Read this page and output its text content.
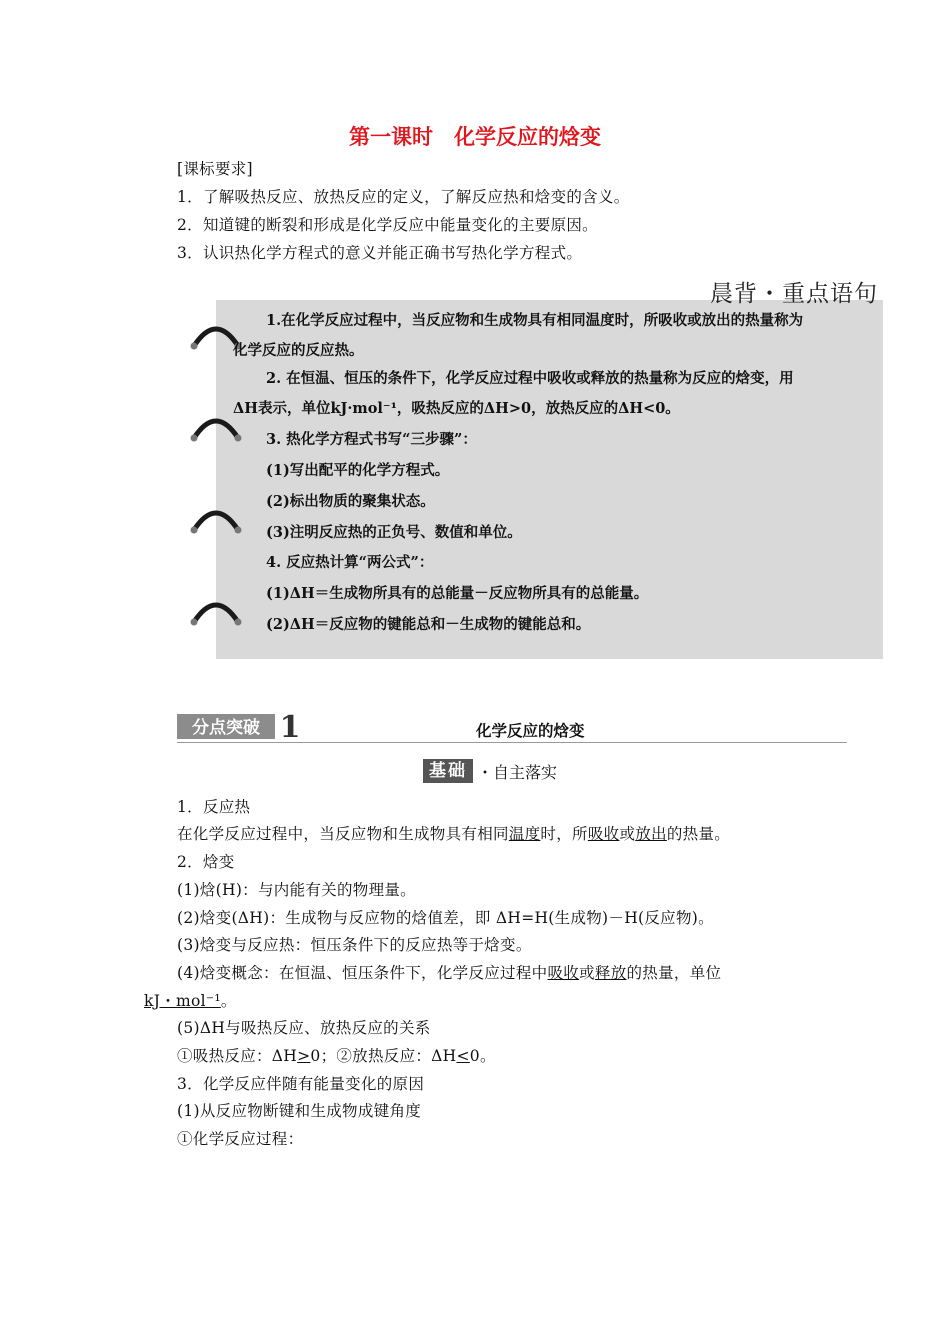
第一课时　化学反应的焓变
[课标要求]
1．了解吸热反应、放热反应的定义，了解反应热和焓变的含义。
2．知道键的断裂和形成是化学反应中能量变化的主要原因。
3．认识热化学方程式的意义并能正确书写热化学方程式。
晨背・重点语句
1.在化学反应过程中，当反应物和生成物具有相同温度时，所吸收或放出的热量称为
化学反应的反应热。
2. 在恒温、恒压的条件下，化学反应过程中吸收或释放的热量称为反应的焓变，用
ΔH表示，单位kJ·mol⁻¹，吸热反应的ΔH>0，放热反应的ΔH<0。
3. 热化学方程式书写“三步骤”：
(1)写出配平的化学方程式。
(2)标出物质的聚集状态。
(3)注明反应热的正负号、数值和单位。
4. 反应热计算“两公式”：
(1)ΔH＝生成物所具有的总能量－反应物所具有的总能量。
(2)ΔH＝反应物的键能总和－生成物的键能总和。
分点突破 1	化学反应的焓变
基础 ・自主落实
1．反应热
在化学反应过程中，当反应物和生成物具有相同温度时，所吸收或放出的热量。
2．焓变
(1)焓(H)：与内能有关的物理量。
(2)焓变(ΔH)：生成物与反应物的焓值差，即 ΔH=H(生成物)－H(反应物)。
(3)焓变与反应热：恒压条件下的反应热等于焓变。
(4)焓变概念：在恒温、恒压条件下，化学反应过程中吸收或释放的热量，单位
kJ・mol⁻¹。
(5)ΔH与吸热反应、放热反应的关系
①吸热反应：ΔH>0；②放热反应：ΔH<0。
3．化学反应伴随有能量变化的原因
(1)从反应物断键和生成物成键角度
①化学反应过程：
